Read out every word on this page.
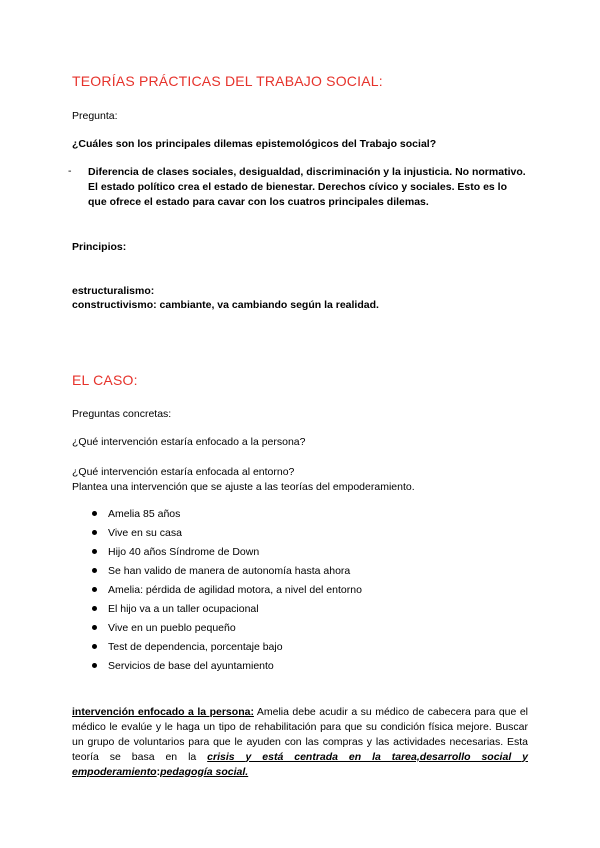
TEORÍAS PRÁCTICAS DEL TRABAJO SOCIAL:

Pregunta:

¿Cuáles son los principales dilemas epistemológicos del Trabajo social?

- Diferencia de clases sociales, desigualdad, discriminación y la injusticia. No normativo. El estado político crea el estado de bienestar. Derechos cívico y sociales. Esto es lo que ofrece el estado para cavar con los cuatros principales dilemas.

Principios:

estructuralismo:

constructivismo: cambiante, va cambiando según la realidad.

EL CASO:

Preguntas concretas:

¿Qué intervención estaría enfocado a la persona?

¿Qué intervención estaría enfocada al entorno?

Plantea una intervención que se ajuste a las teorías del empoderamiento.

Amelia 85 años
Vive en su casa
Hijo 40 años Síndrome de Down
Se han valido de manera de autonomía hasta ahora
Amelia: pérdida de agilidad motora, a nivel del entorno
El hijo va a un taller ocupacional
Vive en un pueblo pequeño
Test de dependencia, porcentaje bajo
Servicios de base del ayuntamiento

intervención enfocado a la persona: Amelia debe acudir a su médico de cabecera para que el médico le evalúe y le haga un tipo de rehabilitación para que su condición física mejore. Buscar un grupo de voluntarios para que le ayuden con las compras y las actividades necesarias. Esta teoría se basa en la crisis y está centrada en la tarea,desarrollo social y empoderamiento:pedagogía social.
